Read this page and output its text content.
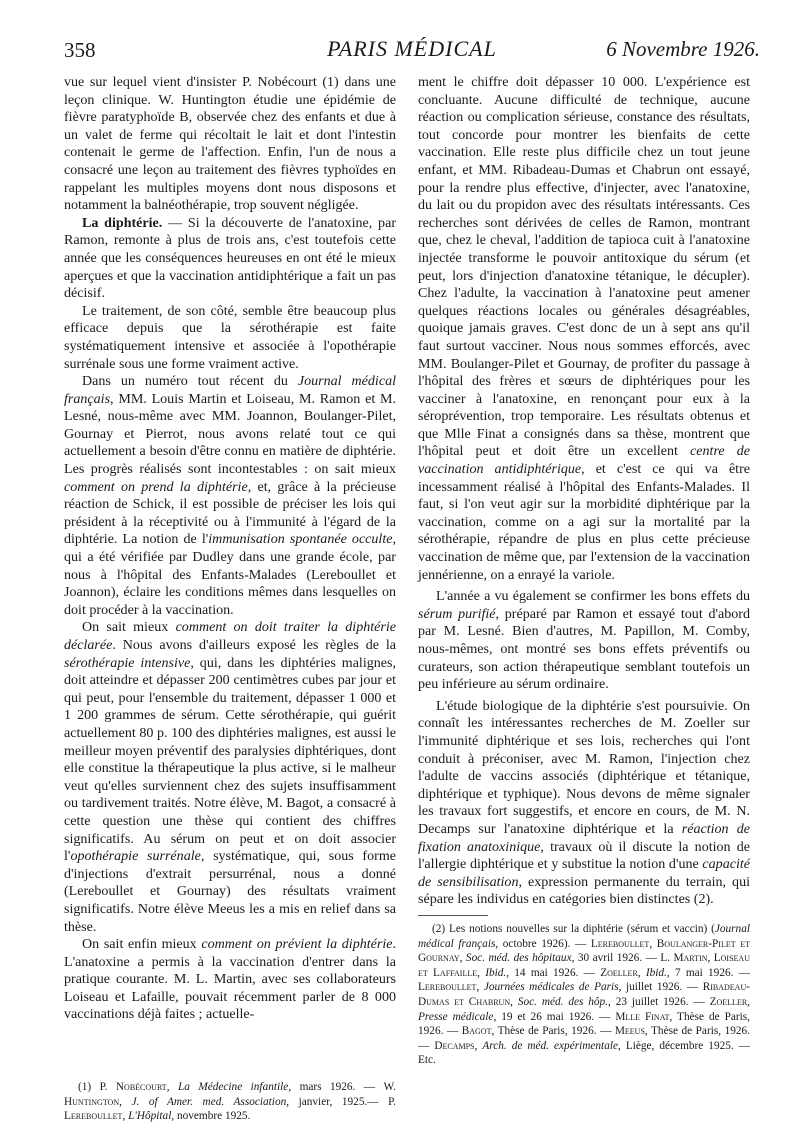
358	PARIS MÉDICAL	6 Novembre 1926.

vue sur lequel vient d'insister P. Nobécourt (1) dans une leçon clinique. W. Huntington étudie une épidémie de fièvre paratyphoïde B, observée chez des enfants et due à un valet de ferme qui récoltait le lait et dont l'intestin contenait le germe de l'affection. Enfin, l'un de nous a consacré une leçon au traitement des fièvres typhoïdes en rappelant les multiples moyens dont nous disposons et notamment la balnéothérapie, trop souvent négligée.

La diphtérie. — Si la découverte de l'anatoxine, par Ramon, remonte à plus de trois ans, c'est toutefois cette année que les conséquences heureuses en ont été le mieux aperçues et que la vaccination antidiphtérique a fait un pas décisif.

Le traitement, de son côté, semble être beaucoup plus efficace depuis que la sérothérapie est faite systématiquement intensive et associée à l'opothérapie surrénale sous une forme vraiment active.

Dans un numéro tout récent du Journal médical français, MM. Louis Martin et Loiseau, M. Ramon et M. Lesné, nous-même avec MM. Joannon, Boulanger-Pilet, Gournay et Pierrot, nous avons relaté tout ce qui actuellement a besoin d'être connu en matière de diphtérie. Les progrès réalisés sont incontestables : on sait mieux comment on prend la diphtérie, et, grâce à la précieuse réaction de Schick, il est possible de préciser les lois qui président à la réceptivité ou à l'immunité à l'égard de la diphtérie. La notion de l'immunisation spontanée occulte, qui a été vérifiée par Dudley dans une grande école, par nous à l'hôpital des Enfants-Malades (Lereboullet et Joannon), éclaire les conditions mêmes dans lesquelles on doit procéder à la vaccination.

On sait mieux comment on doit traiter la diphtérie déclarée. Nous avons d'ailleurs exposé les règles de la sérothérapie intensive, qui, dans les diphtéries malignes, doit atteindre et dépasser 200 centimètres cubes par jour et qui peut, pour l'ensemble du traitement, dépasser 1 000 et 1 200 grammes de sérum. Cette sérothérapie, qui guérit actuellement 80 p. 100 des diphtéries malignes, est aussi le meilleur moyen préventif des paralysies diphtériques, dont elle constitue la thérapeutique la plus active, si le malheur veut qu'elles surviennent chez des sujets insuffisamment ou tardivement traités. Notre élève, M. Bagot, a consacré à cette question une thèse qui contient des chiffres significatifs. Au sérum on peut et on doit associer l'opothérapie surrénale, systématique, qui, sous forme d'injections d'extrait persurrénal, nous a donné (Lereboullet et Gournay) des résultats vraiment significatifs. Notre élève Meeus les a mis en relief dans sa thèse.

On sait enfin mieux comment on prévient la diphtérie. L'anatoxine a permis à la vaccination d'entrer dans la pratique courante. M. L. Martin, avec ses collaborateurs Loiseau et Lafaille, pouvait récemment parler de 8 000 vaccinations déjà faites ; actuelle-

ment le chiffre doit dépasser 10 000. L'expérience est concluante. Aucune difficulté de technique, aucune réaction ou complication sérieuse, constance des résultats, tout concorde pour montrer les bienfaits de cette vaccination. Elle reste plus difficile chez un tout jeune enfant, et MM. Ribadeau-Dumas et Chabrun ont essayé, pour la rendre plus effective, d'injecter, avec l'anatoxine, du lait ou du propidon avec des résultats intéressants. Ces recherches sont dérivées de celles de Ramon, montrant que, chez le cheval, l'addition de tapioca cuit à l'anatoxine injectée transforme le pouvoir antitoxique du sérum (et peut, lors d'injection d'anatoxine tétanique, le décupler). Chez l'adulte, la vaccination à l'anatoxine peut amener quelques réactions locales ou générales désagréables, quoique jamais graves. C'est donc de un à sept ans qu'il faut surtout vacciner. Nous nous sommes efforcés, avec MM. Boulanger-Pilet et Gournay, de profiter du passage à l'hôpital des frères et sœurs de diphtériques pour les vacciner à l'anatoxine, en renonçant pour eux à la séroprévention, trop temporaire. Les résultats obtenus et que Mlle Finat a consignés dans sa thèse, montrent que l'hôpital peut et doit être un excellent centre de vaccination antidiphtérique, et c'est ce qui va être incessamment réalisé à l'hôpital des Enfants-Malades. Il faut, si l'on veut agir sur la morbidité diphtérique par la vaccination, comme on a agi sur la mortalité par la sérothérapie, répandre de plus en plus cette précieuse vaccination de même que, par l'extension de la vaccination jennérienne, on a enrayé la variole.

L'année a vu également se confirmer les bons effets du sérum purifié, préparé par Ramon et essayé tout d'abord par M. Lesné. Bien d'autres, M. Papillon, M. Comby, nous-mêmes, ont montré ses bons effets préventifs ou curateurs, son action thérapeutique semblant toutefois un peu inférieure au sérum ordinaire.

L'étude biologique de la diphtérie s'est poursuivie. On connaît les intéressantes recherches de M. Zoeller sur l'immunité diphtérique et ses lois, recherches qui l'ont conduit à préconiser, avec M. Ramon, l'injection chez l'adulte de vaccins associés (diphtérique et tétanique, diphtérique et typhique). Nous devons de même signaler les travaux fort suggestifs, et encore en cours, de M. N. Decamps sur l'anatoxine diphtérique et la réaction de fixation anatoxinique, travaux où il discute la notion de l'allergie diphtérique et y substitue la notion d'une capacité de sensibilisation, expression permanente du terrain, qui sépare les individus en catégories bien distinctes (2).

(2) Les notions nouvelles sur la diphtérie (sérum et vaccin) (Journal médical français, octobre 1926). — Lereboullet, Boulanger-Pilet et Gournay, Soc. méd. des hôpitaux, 30 avril 1926. — L. Martin, Loiseau et Laffaille, Ibid., 14 mai 1926. — Zoeller, Ibid., 7 mai 1926. — Lereboullet, Journées médicales de Paris, juillet 1926. — Ribadeau-Dumas et Chabrun, Soc. méd. des hôp., 23 juillet 1926. — Zoeller, Presse médicale, 19 et 26 mai 1926. — Mlle Finat, Thèse de Paris, 1926. — Bagot, Thèse de Paris, 1926. — Meeus, Thèse de Paris, 1926. — Decamps, Arch. de méd. expérimentale, Liège, décembre 1925. — Etc.

(1) P. Nobécourt, La Médecine infantile, mars 1926. — W. Huntington, J. of Amer. med. Association, janvier, 1925.— P. Lereboullet, L'Hôpital, novembre 1925.
